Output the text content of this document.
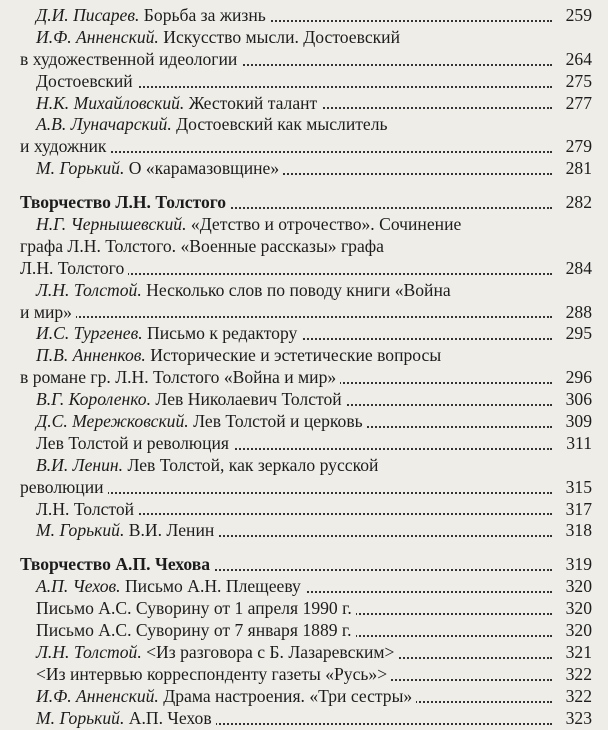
Д.И. Писарев. Борьба за жизнь	259
И.Ф. Анненский. Искусство мысли. Достоевский
в художественной идеологии	264
Достоевский	275
Н.К. Михайловский. Жестокий талант	277
А.В. Луначарский. Достоевский как мыслитель
и художник	279
М. Горький. О «карамазовщине»	281
Творчество Л.Н. Толстого	282
Н.Г. Чернышевский. «Детство и отрочество». Сочинение
графа Л.Н. Толстого. «Военные рассказы» графа
Л.Н. Толстого	284
Л.Н. Толстой. Несколько слов по поводу книги «Война
и мир»	288
И.С. Тургенев. Письмо к редактору	295
П.В. Анненков. Исторические и эстетические вопросы
в романе гр. Л.Н. Толстого «Война и мир»	296
В.Г. Короленко. Лев Николаевич Толстой	306
Д.С. Мережковский. Лев Толстой и церковь	309
Лев Толстой и революция	311
В.И. Ленин. Лев Толстой, как зеркало русской
революции	315
Л.Н. Толстой	317
М. Горький. В.И. Ленин	318
Творчество А.П. Чехова	319
А.П. Чехов. Письмо А.Н. Плещееву	320
Письмо А.С. Суворину от 1 апреля 1990 г.	320
Письмо А.С. Суворину от 7 января 1889 г.	320
Л.Н. Толстой. <Из разговора с Б. Лазаревским>	321
<Из интервью корреспонденту газеты «Русь»>	322
И.Ф. Анненский. Драма настроения. «Три сестры»	322
М. Горький. А.П. Чехов	323
